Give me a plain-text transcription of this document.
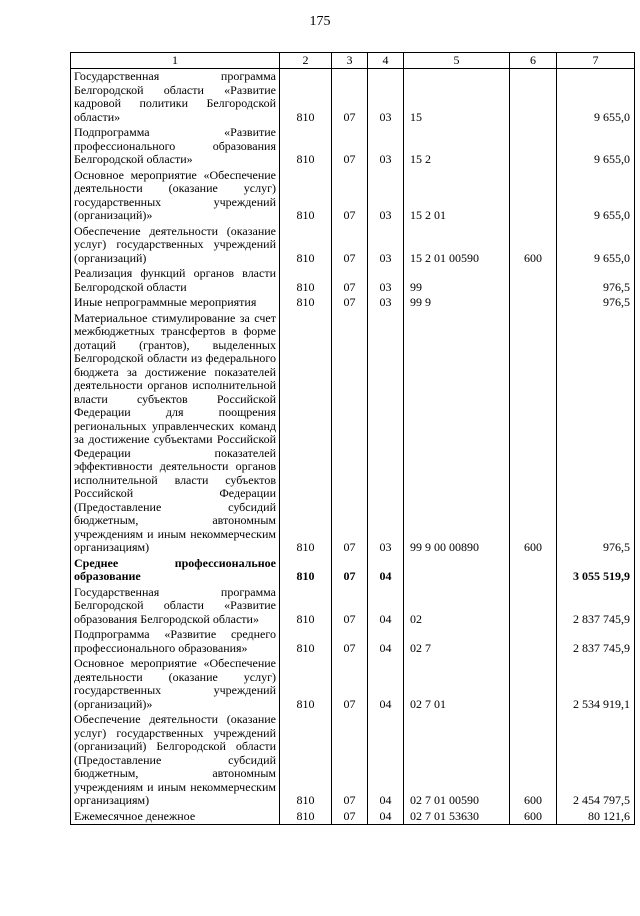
175
1	2	3	4	5	6	7
Государственная программа Белгородской области «Развитие кадровой политики Белгородской области»	810	07	03	15		9 655,0
Подпрограмма «Развитие профессионального образования Белгородской области»	810	07	03	15 2		9 655,0
Основное мероприятие «Обеспечение деятельности (оказание услуг) государственных учреждений (организаций)»	810	07	03	15 2 01		9 655,0
Обеспечение деятельности (оказание услуг) государственных учреждений (организаций)	810	07	03	15 2 01 00590	600	9 655,0
Реализация функций органов власти Белгородской области	810	07	03	99		976,5
Иные непрограммные мероприятия	810	07	03	99 9		976,5
Материальное стимулирование за счет межбюджетных трансфертов в форме дотаций (грантов), выделенных Белгородской области из федерального бюджета за достижение показателей деятельности органов исполнительной власти субъектов Российской Федерации для поощрения региональных управленческих команд за достижение субъектами Российской Федерации показателей эффективности деятельности органов исполнительной власти субъектов Российской Федерации (Предоставление субсидий бюджетным, автономным учреждениям и иным некоммерческим организациям)	810	07	03	99 9 00 00890	600	976,5
Среднее профессиональное образование	810	07	04			3 055 519,9
Государственная программа Белгородской области «Развитие образования Белгородской области»	810	07	04	02		2 837 745,9
Подпрограмма «Развитие среднего профессионального образования»	810	07	04	02 7		2 837 745,9
Основное мероприятие «Обеспечение деятельности (оказание услуг) государственных учреждений (организаций)»	810	07	04	02 7 01		2 534 919,1
Обеспечение деятельности (оказание услуг) государственных учреждений (организаций) Белгородской области (Предоставление субсидий бюджетным, автономным учреждениям и иным некоммерческим организациям)	810	07	04	02 7 01 00590	600	2 454 797,5
Ежемесячное денежное	810	07	04	02 7 01 53630	600	80 121,6
